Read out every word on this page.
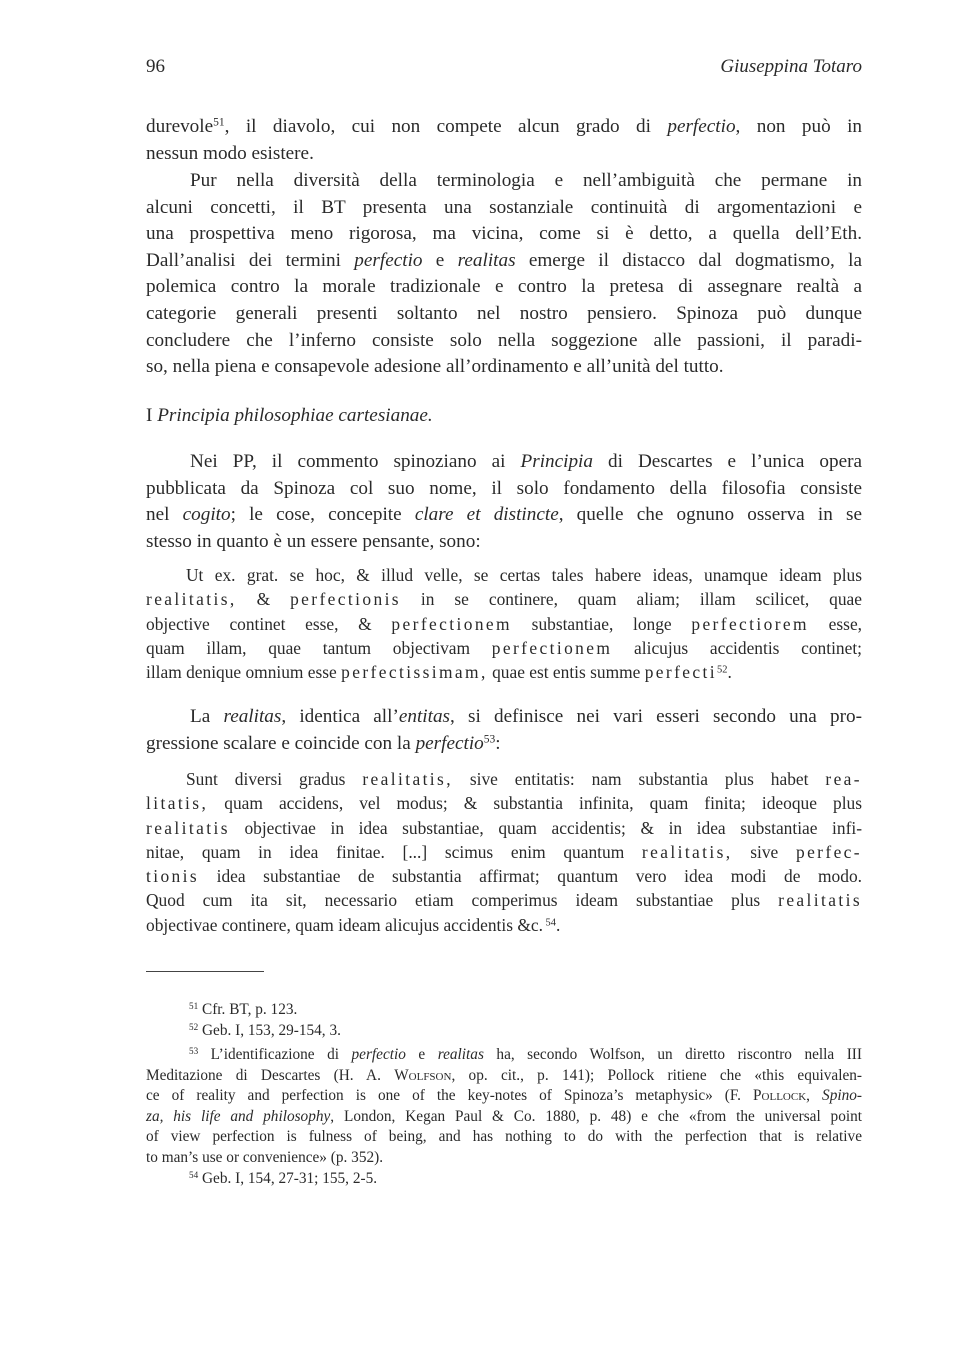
96	Giuseppina Totaro
durevole$^{51}$, il diavolo, cui non compete alcun grado di perfectio, non può in
nessun modo esistere.
Pur nella diversità della terminologia e nell’ambiguità che permane in
alcuni concetti, il BT presenta una sostanziale continuità di argomentazioni e
una prospettiva meno rigorosa, ma vicina, come si è detto, a quella dell’Eth.
Dall’analisi dei termini perfectio e realitas emerge il distacco dal dogmatismo, la
polemica contro la morale tradizionale e contro la pretesa di assegnare realtà a
categorie generali presenti soltanto nel nostro pensiero. Spinoza può dunque
concludere che l’inferno consiste solo nella soggezione alle passioni, il paradi-
so, nella piena e consapevole adesione all’ordinamento e all’unità del tutto.
I Principia philosophiae cartesianae.
Nei PP, il commento spinoziano ai Principia di Descartes e l’unica opera
pubblicata da Spinoza col suo nome, il solo fondamento della filosofia consiste
nel cogito; le cose, concepite clare et distincte, quelle che ognuno osserva in se
stesso in quanto è un essere pensante, sono:
Ut ex. grat. se hoc, & illud velle, se certas tales habere ideas, unamque ideam plus
realitatis, & perfectionis in se continere, quam aliam; illam scilicet, quae
objective continet esse, & perfectionem substantiae, longe perfectiorem esse,
quam illam, quae tantum objectivam perfectionem alicujus accidentis continet;
illam denique omnium esse perfectissimam, quae est entis summe perfecti$^{52}$.
La realitas, identica all’entitas, si definisce nei vari esseri secondo una pro-
gressione scalare e coincide con la perfectio$^{53}$:
Sunt diversi gradus realitatis, sive entitatis: nam substantia plus habet rea-
litatis, quam accidens, vel modus; & substantia infinita, quam finita; ideoque plus
realitatis objectivae in idea substantiae, quam accidentis; & in idea substantiae infi-
nitae, quam in idea finitae. [...] scimus enim quantum realitatis, sive perfec-
tionis idea substantiae de substantia affirmat; quantum vero idea modi de modo.
Quod cum ita sit, necessario etiam comperimus ideam substantiae plus realitatis
objectivae continere, quam ideam alicujus accidentis &c. $^{54}$.
$^{51}$ Cfr. BT, p. 123.
$^{52}$ Geb. I, 153, 29-154, 3.
$^{53}$ L’identificazione di perfectio e realitas ha, secondo Wolfson, un diretto riscontro nella III
Meditazione di Descartes (H. A. Wolfson, op. cit., p. 141); Pollock ritiene che «this equivalen-
ce of reality and perfection is one of the key-notes of Spinoza’s metaphysic» (F. Pollock, Spino-
za, his life and philosophy, London, Kegan Paul & Co. 1880, p. 48) e che «from the universal point
of view perfection is fulness of being, and has nothing to do with the perfection that is relative
to man’s use or convenience» (p. 352).
$^{54}$ Geb. I, 154, 27-31; 155, 2-5.
